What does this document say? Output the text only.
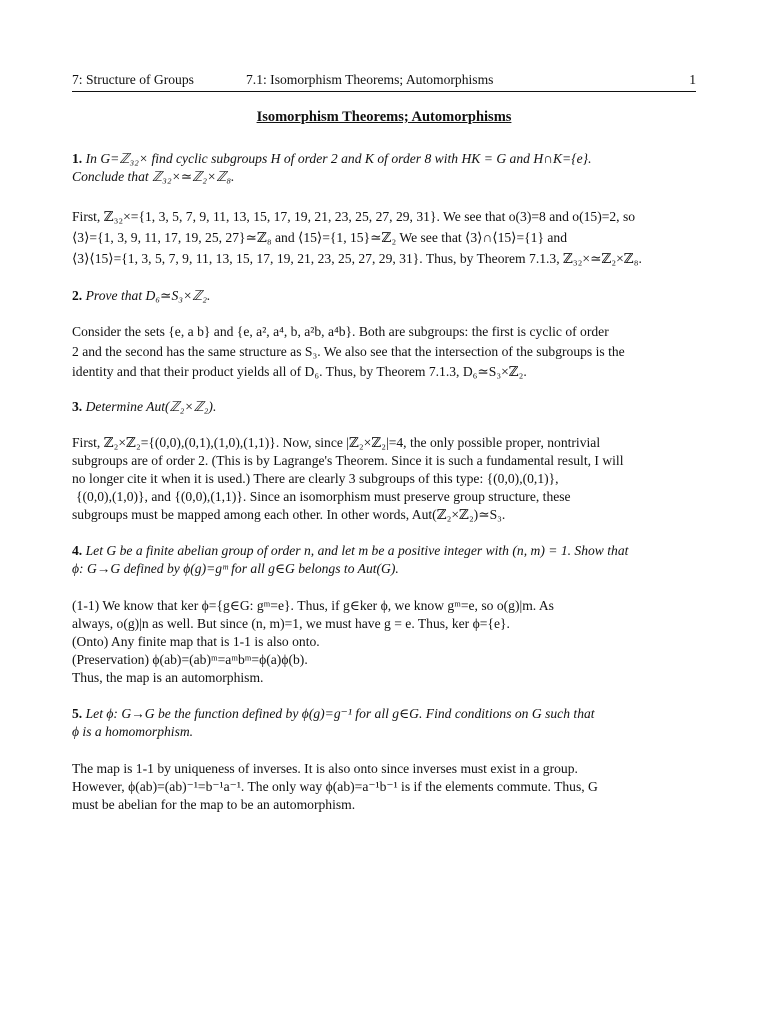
7: Structure of Groups	7.1: Isomorphism Theorems; Automorphisms	1
Isomorphism Theorems; Automorphisms

1. In G=ℤ₃₂× find cyclic subgroups H of order 2 and K of order 8 with HK = G and H∩K={e}.

Conclude that ℤ₃₂×≃ℤ₂×ℤ₈.

First, ℤ₃₂×={1, 3, 5, 7, 9, 11, 13, 15, 17, 19, 21, 23, 25, 27, 29, 31}. We see that o(3)=8 and o(15)=2, so

⟨3⟩={1, 3, 9, 11, 17, 19, 25, 27}≃ℤ₈ and ⟨15⟩={1, 15}≃ℤ₂ We see that ⟨3⟩∩⟨15⟩={1} and

⟨3⟩⟨15⟩={1, 3, 5, 7, 9, 11, 13, 15, 17, 19, 21, 23, 25, 27, 29, 31}. Thus, by Theorem 7.1.3, ℤ₃₂×≃ℤ₂×ℤ₈.

2. Prove that D₆≃S₃×ℤ₂.

Consider the sets {e, a b} and {e, a², a⁴, b, a²b, a⁴b}. Both are subgroups: the first is cyclic of order

2 and the second has the same structure as S₃. We also see that the intersection of the subgroups is the

identity and that their product yields all of D₆. Thus, by Theorem 7.1.3, D₆≃S₃×ℤ₂.

3. Determine Aut(ℤ₂×ℤ₂).

First, ℤ₂×ℤ₂={(0,0),(0,1),(1,0),(1,1)}. Now, since |ℤ₂×ℤ₂|=4, the only possible proper, nontrivial

subgroups are of order 2. (This is by Lagrange's Theorem. Since it is such a fundamental result, I will

no longer cite it when it is used.) There are clearly 3 subgroups of this type: {(0,0),(0,1)},

{(0,0),(1,0)}, and {(0,0),(1,1)}. Since an isomorphism must preserve group structure, these

subgroups must be mapped among each other. In other words, Aut(ℤ₂×ℤ₂)≃S₃.

4. Let G be a finite abelian group of order n, and let m be a positive integer with (n, m) = 1. Show that

ϕ: G→G defined by ϕ(g)=gᵐ for all g∈G belongs to Aut(G).

(1-1) We know that ker ϕ={g∈G: gᵐ=e}. Thus, if g∈ker ϕ, we know gᵐ=e, so o(g)|m. As

always, o(g)|n as well. But since (n, m)=1, we must have g = e. Thus, ker ϕ={e}.

(Onto) Any finite map that is 1-1 is also onto.

(Preservation) ϕ(ab)=(ab)ᵐ=aᵐbᵐ=ϕ(a)ϕ(b).

Thus, the map is an automorphism.

5. Let ϕ: G→G be the function defined by ϕ(g)=g⁻¹ for all g∈G. Find conditions on G such that

ϕ is a homomorphism.

The map is 1-1 by uniqueness of inverses. It is also onto since inverses must exist in a group.

However, ϕ(ab)=(ab)⁻¹=b⁻¹a⁻¹. The only way ϕ(ab)=a⁻¹b⁻¹ is if the elements commute. Thus, G

must be abelian for the map to be an automorphism.
